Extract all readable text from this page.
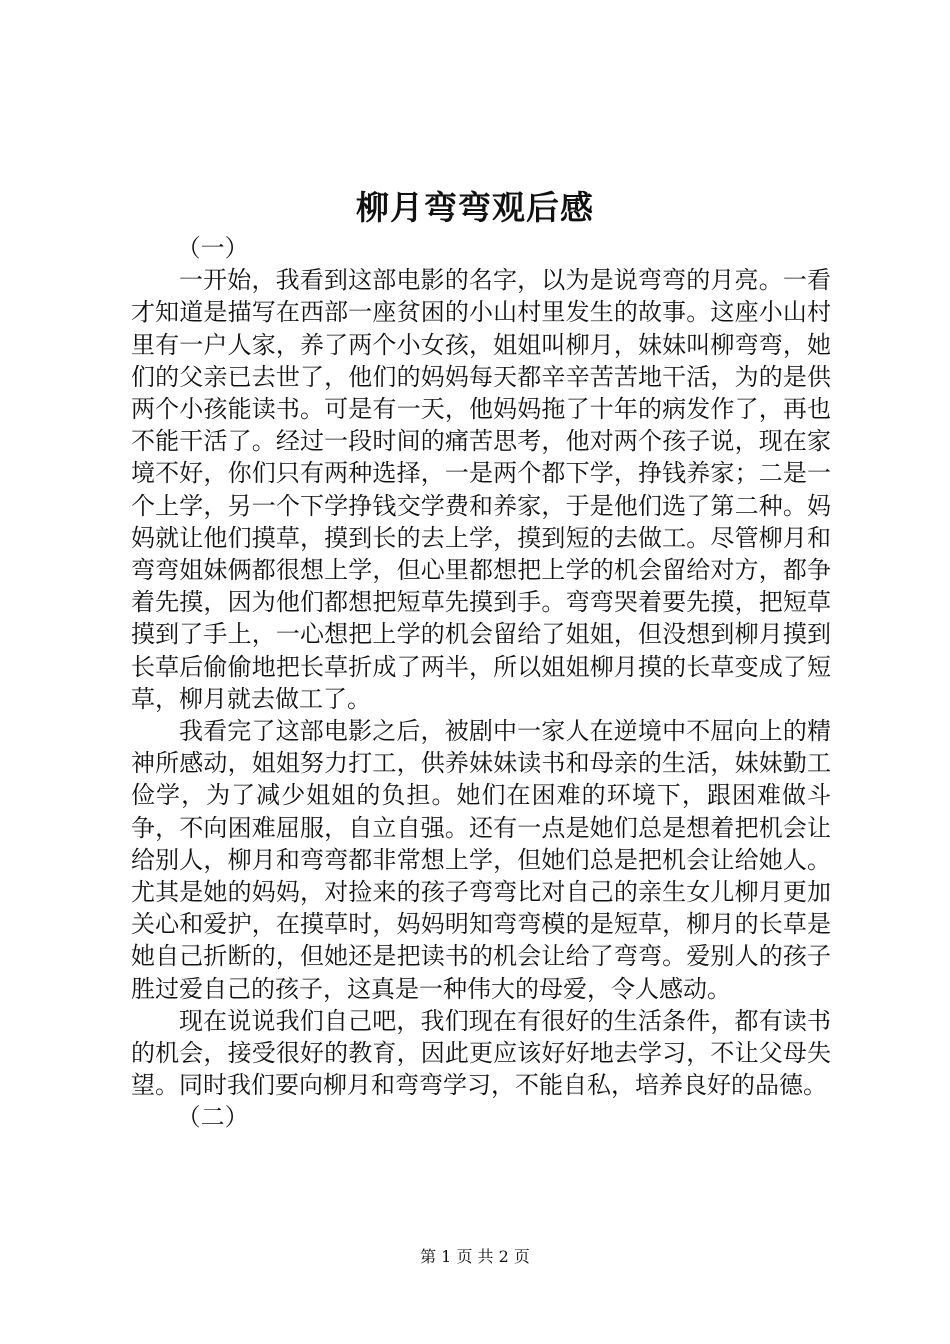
柳月弯弯观后感

（一）

一开始，我看到这部电影的名字，以为是说弯弯的月亮。一看才知道是描写在西部一座贫困的小山村里发生的故事。这座小山村里有一户人家，养了两个小女孩，姐姐叫柳月，妹妹叫柳弯弯，她们的父亲已去世了，他们的妈妈每天都辛辛苦苦地干活，为的是供两个小孩能读书。可是有一天，他妈妈拖了十年的病发作了，再也不能干活了。经过一段时间的痛苦思考，他对两个孩子说，现在家境不好，你们只有两种选择，一是两个都下学，挣钱养家；二是一个上学，另一个下学挣钱交学费和养家，于是他们选了第二种。妈妈就让他们摸草，摸到长的去上学，摸到短的去做工。尽管柳月和弯弯姐妹俩都很想上学，但心里都想把上学的机会留给对方，都争着先摸，因为他们都想把短草先摸到手。弯弯哭着要先摸，把短草摸到了手上，一心想把上学的机会留给了姐姐，但没想到柳月摸到长草后偷偷地把长草折成了两半，所以姐姐柳月摸的长草变成了短草，柳月就去做工了。

我看完了这部电影之后，被剧中一家人在逆境中不屈向上的精神所感动，姐姐努力打工，供养妹妹读书和母亲的生活，妹妹勤工俭学，为了减少姐姐的负担。她们在困难的环境下，跟困难做斗争，不向困难屈服，自立自强。还有一点是她们总是想着把机会让给别人，柳月和弯弯都非常想上学，但她们总是把机会让给她人。尤其是她的妈妈，对捡来的孩子弯弯比对自己的亲生女儿柳月更加关心和爱护，在摸草时，妈妈明知弯弯模的是短草，柳月的长草是她自己折断的，但她还是把读书的机会让给了弯弯。爱别人的孩子胜过爱自己的孩子，这真是一种伟大的母爱，令人感动。

现在说说我们自己吧，我们现在有很好的生活条件，都有读书的机会，接受很好的教育，因此更应该好好地去学习，不让父母失望。同时我们要向柳月和弯弯学习，不能自私，培养良好的品德。

（二）

第 1 页 共 2 页
